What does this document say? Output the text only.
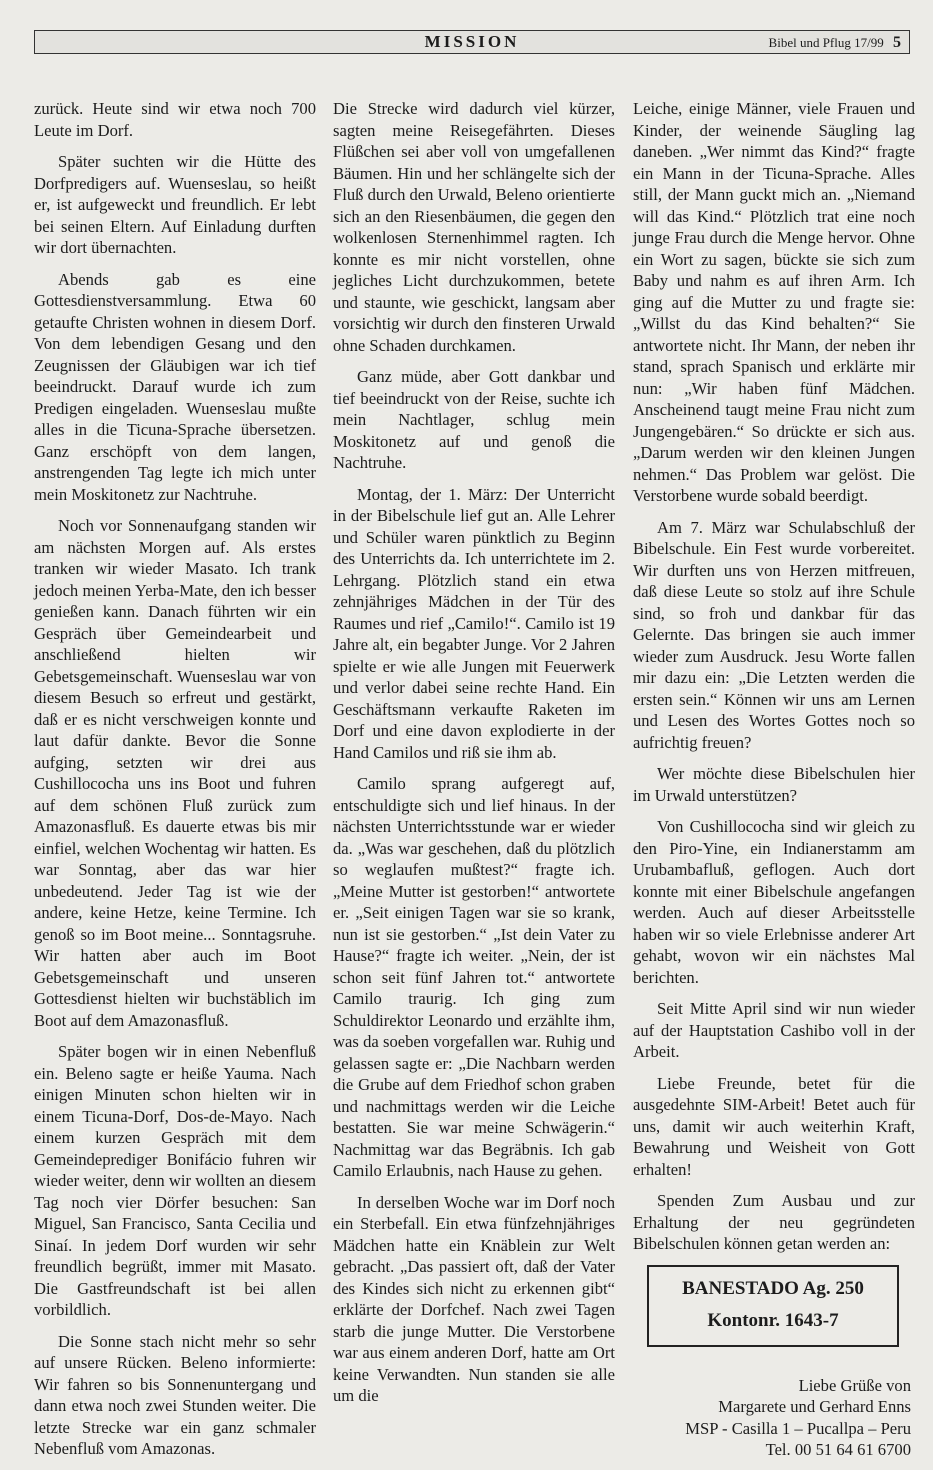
MISSION	Bibel und Pflug 17/99 5

zurück. Heute sind wir etwa noch 700 Leute im Dorf.

Später suchten wir die Hütte des Dorfpredigers auf. Wuenseslau, so heißt er, ist aufgeweckt und freundlich. Er lebt bei seinen Eltern. Auf Einladung durften wir dort übernachten.

Abends gab es eine Gottesdienstversammlung. Etwa 60 getaufte Christen wohnen in diesem Dorf. Von dem lebendigen Gesang und den Zeugnissen der Gläubigen war ich tief beeindruckt. Darauf wurde ich zum Predigen eingeladen. Wuenseslau mußte alles in die Ticuna-Sprache übersetzen. Ganz erschöpft von dem langen, anstrengenden Tag legte ich mich unter mein Moskitonetz zur Nachtruhe.

Noch vor Sonnenaufgang standen wir am nächsten Morgen auf. Als erstes tranken wir wieder Masato. Ich trank jedoch meinen Yerba-Mate, den ich besser genießen kann. Danach führten wir ein Gespräch über Gemeindearbeit und anschließend hielten wir Gebetsgemeinschaft. Wuenseslau war von diesem Besuch so erfreut und gestärkt, daß er es nicht verschweigen konnte und laut dafür dankte. Bevor die Sonne aufging, setzten wir drei aus Cushillococha uns ins Boot und fuhren auf dem schönen Fluß zurück zum Amazonasfluß. Es dauerte etwas bis mir einfiel, welchen Wochentag wir hatten. Es war Sonntag, aber das war hier unbedeutend. Jeder Tag ist wie der andere, keine Hetze, keine Termine. Ich genoß so im Boot meine... Sonntagsruhe. Wir hatten aber auch im Boot Gebetsgemeinschaft und unseren Gottesdienst hielten wir buchstäblich im Boot auf dem Amazonasfluß.

Später bogen wir in einen Nebenfluß ein. Beleno sagte er heiße Yauma. Nach einigen Minuten schon hielten wir in einem Ticuna-Dorf, Dos-de-Mayo. Nach einem kurzen Gespräch mit dem Gemeindeprediger Bonifácio fuhren wir wieder weiter, denn wir wollten an diesem Tag noch vier Dörfer besuchen: San Miguel, San Francisco, Santa Cecilia und Sinaí. In jedem Dorf wurden wir sehr freundlich begrüßt, immer mit Masato. Die Gastfreundschaft ist bei allen vorbildlich.

Die Sonne stach nicht mehr so sehr auf unsere Rücken. Beleno informierte: Wir fahren so bis Sonnenuntergang und dann etwa noch zwei Stunden weiter. Die letzte Strecke war ein ganz schmaler Nebenfluß vom Amazonas.

Die Strecke wird dadurch viel kürzer, sagten meine Reisegefährten. Dieses Flüßchen sei aber voll von umgefallenen Bäumen. Hin und her schlängelte sich der Fluß durch den Urwald, Beleno orientierte sich an den Riesenbäumen, die gegen den wolkenlosen Sternenhimmel ragten. Ich konnte es mir nicht vorstellen, ohne jegliches Licht durchzukommen, betete und staunte, wie geschickt, langsam aber vorsichtig wir durch den finsteren Urwald ohne Schaden durchkamen.

Ganz müde, aber Gott dankbar und tief beeindruckt von der Reise, suchte ich mein Nachtlager, schlug mein Moskitonetz auf und genoß die Nachtruhe.

Montag, der 1. März: Der Unterricht in der Bibelschule lief gut an. Alle Lehrer und Schüler waren pünktlich zu Beginn des Unterrichts da. Ich unterrichtete im 2. Lehrgang. Plötzlich stand ein etwa zehnjähriges Mädchen in der Tür des Raumes und rief „Camilo!“. Camilo ist 19 Jahre alt, ein begabter Junge. Vor 2 Jahren spielte er wie alle Jungen mit Feuerwerk und verlor dabei seine rechte Hand. Ein Geschäftsmann verkaufte Raketen im Dorf und eine davon explodierte in der Hand Camilos und riß sie ihm ab.

Camilo sprang aufgeregt auf, entschuldigte sich und lief hinaus. In der nächsten Unterrichtsstunde war er wieder da. „Was war geschehen, daß du plötzlich so weglaufen mußtest?“ fragte ich. „Meine Mutter ist gestorben!“ antwortete er. „Seit einigen Tagen war sie so krank, nun ist sie gestorben.“ „Ist dein Vater zu Hause?“ fragte ich weiter. „Nein, der ist schon seit fünf Jahren tot.“ antwortete Camilo traurig. Ich ging zum Schuldirektor Leonardo und erzählte ihm, was da soeben vorgefallen war. Ruhig und gelassen sagte er: „Die Nachbarn werden die Grube auf dem Friedhof schon graben und nachmittags werden wir die Leiche bestatten. Sie war meine Schwägerin.“ Nachmittag war das Begräbnis. Ich gab Camilo Erlaubnis, nach Hause zu gehen.

In derselben Woche war im Dorf noch ein Sterbefall. Ein etwa fünfzehnjähriges Mädchen hatte ein Knäblein zur Welt gebracht. „Das passiert oft, daß der Vater des Kindes sich nicht zu erkennen gibt“ erklärte der Dorfchef. Nach zwei Tagen starb die junge Mutter. Die Verstorbene war aus einem anderen Dorf, hatte am Ort keine Verwandten. Nun standen sie alle um die

Leiche, einige Männer, viele Frauen und Kinder, der weinende Säugling lag daneben. „Wer nimmt das Kind?“ fragte ein Mann in der Ticuna-Sprache. Alles still, der Mann guckt mich an. „Niemand will das Kind.“ Plötzlich trat eine noch junge Frau durch die Menge hervor. Ohne ein Wort zu sagen, bückte sie sich zum Baby und nahm es auf ihren Arm. Ich ging auf die Mutter zu und fragte sie: „Willst du das Kind behalten?“ Sie antwortete nicht. Ihr Mann, der neben ihr stand, sprach Spanisch und erklärte mir nun: „Wir haben fünf Mädchen. Anscheinend taugt meine Frau nicht zum Jungengebären.“ So drückte er sich aus. „Darum werden wir den kleinen Jungen nehmen.“ Das Problem war gelöst. Die Verstorbene wurde sobald beerdigt.

Am 7. März war Schulabschluß der Bibelschule. Ein Fest wurde vorbereitet. Wir durften uns von Herzen mitfreuen, daß diese Leute so stolz auf ihre Schule sind, so froh und dankbar für das Gelernte. Das bringen sie auch immer wieder zum Ausdruck. Jesu Worte fallen mir dazu ein: „Die Letzten werden die ersten sein.“ Können wir uns am Lernen und Lesen des Wortes Gottes noch so aufrichtig freuen?

Wer möchte diese Bibelschulen hier im Urwald unterstützen?

Von Cushillococha sind wir gleich zu den Piro-Yine, ein Indianerstamm am Urubambafluß, geflogen. Auch dort konnte mit einer Bibelschule angefangen werden. Auch auf dieser Arbeitsstelle haben wir so viele Erlebnisse anderer Art gehabt, wovon wir ein nächstes Mal berichten.

Seit Mitte April sind wir nun wieder auf der Hauptstation Cashibo voll in der Arbeit.

Liebe Freunde, betet für die ausgedehnte SIM-Arbeit! Betet auch für uns, damit wir auch weiterhin Kraft, Bewahrung und Weisheit von Gott erhalten!

Spenden Zum Ausbau und zur Erhaltung der neu gegründeten Bibelschulen können getan werden an:

BANESTADO Ag. 250
Kontonr. 1643-7
Liebe Grüße von
Margarete und Gerhard Enns
MSP - Casilla 1 – Pucallpa – Peru
Tel. 00 51 64 61 6700
